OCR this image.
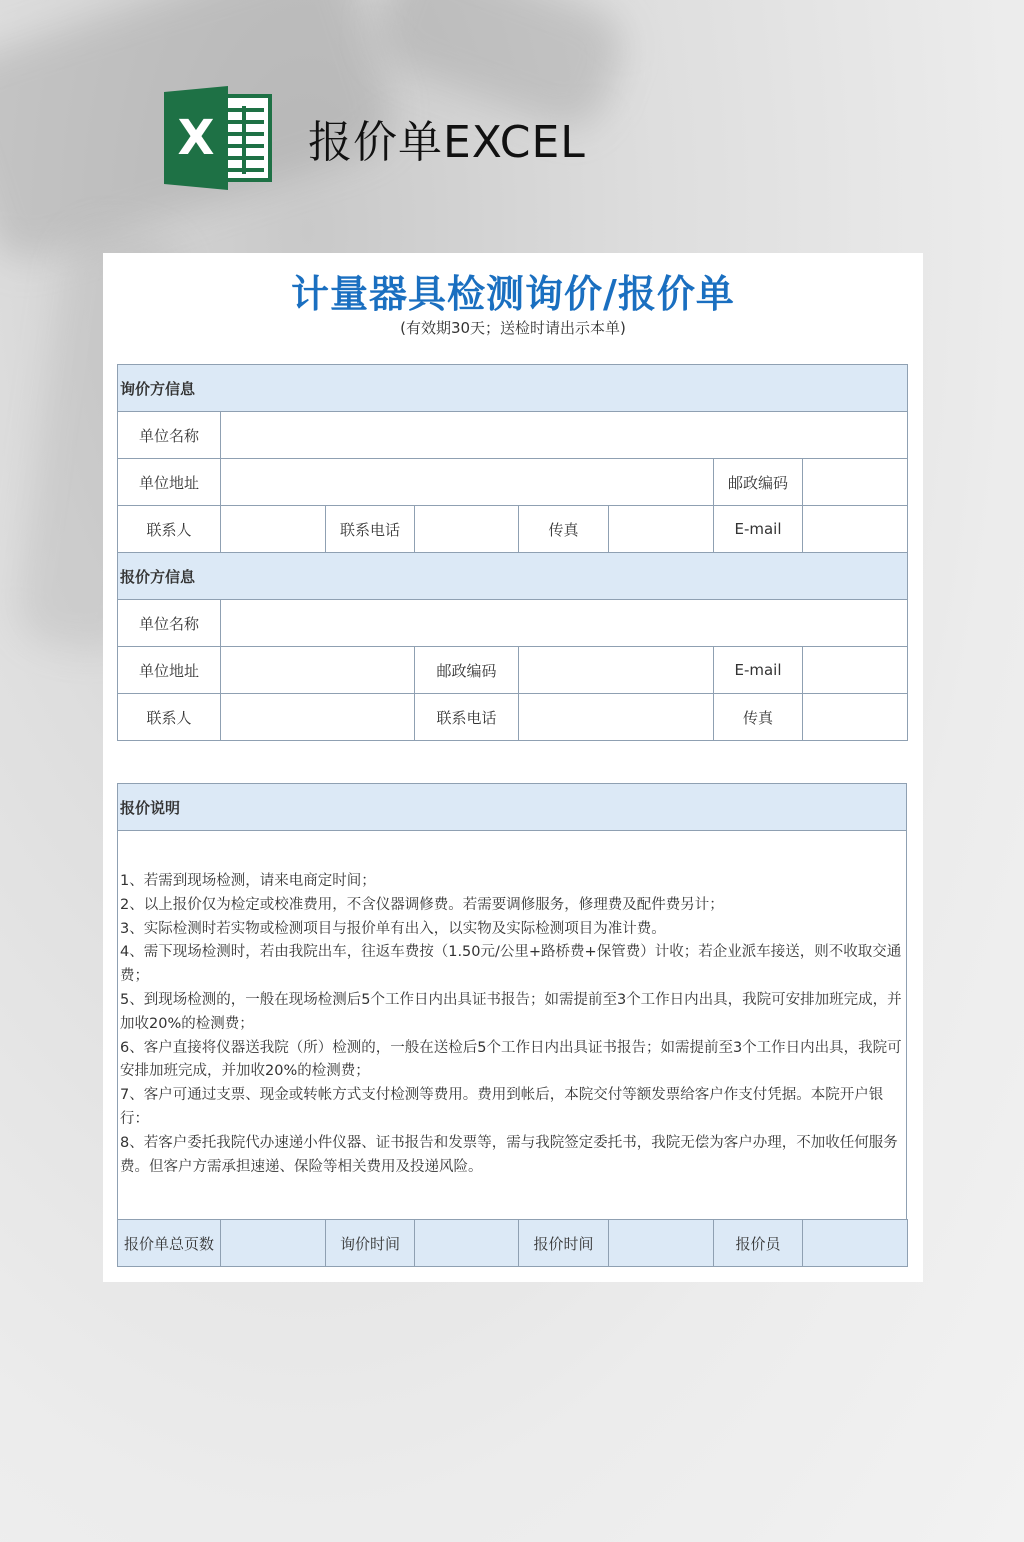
X 报价单EXCEL
计量器具检测询价/报价单
(有效期30天；送检时请出示本单)
询价方信息							
单位名称							
单位地址						邮政编码	
联系人		联系电话		传真		E-mail	
报价方信息							
单位名称							
单位地址			邮政编码			E-mail	
联系人			联系电话			传真	
报价说明

1、若需到现场检测，请来电商定时间；

2、以上报价仅为检定或校准费用，不含仪器调修费。若需要调修服务，修理费及配件费另计；

3、实际检测时若实物或检测项目与报价单有出入，以实物及实际检测项目为准计费。

4、需下现场检测时，若由我院出车，往返车费按（1.50元/公里+路桥费+保管费）计收；若企业派车接送，则不收取交通费；

5、到现场检测的，一般在现场检测后5个工作日内出具证书报告；如需提前至3个工作日内出具，我院可安排加班完成，并加收20%的检测费；

6、客户直接将仪器送我院（所）检测的，一般在送检后5个工作日内出具证书报告；如需提前至3个工作日内出具，我院可安排加班完成，并加收20%的检测费；

7、客户可通过支票、现金或转帐方式支付检测等费用。费用到帐后，本院交付等额发票给客户作支付凭据。本院开户银行：

8、若客户委托我院代办速递小件仪器、证书报告和发票等，需与我院签定委托书，我院无偿为客户办理，不加收任何服务费。但客户方需承担速递、保险等相关费用及投递风险。

报价单总页数		询价时间		报价时间		报价员	
